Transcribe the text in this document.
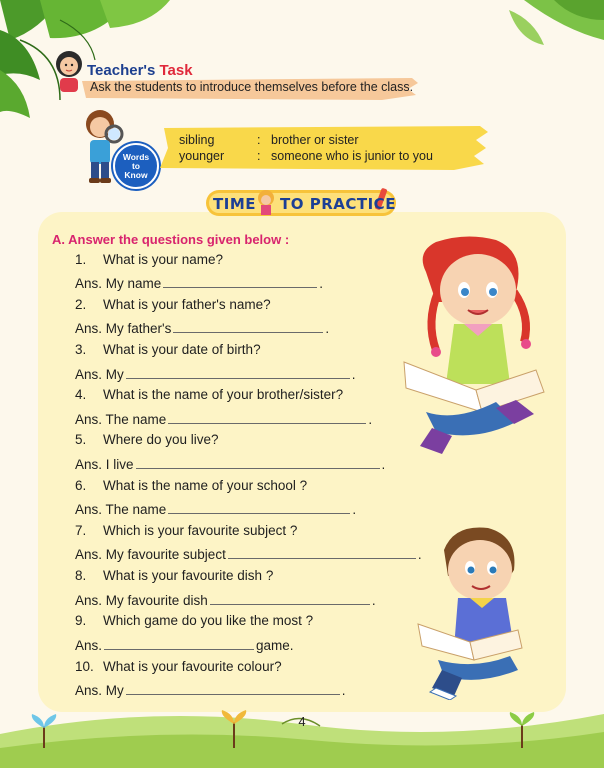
Teacher's Task
Ask the students to introduce themselves before the class.
Words
to
Know
sibling	: brother or sister
younger	: someone who is junior to you
TIME TO PRACTICE
A. Answer the questions given below :
1. What is your name?
Ans. My name	.
2. What is your father's name?
Ans. My father's	.
3. What is your date of birth?
Ans. My	.
4. What is the name of your brother/sister?
Ans. The name	.
5. Where do you live?
Ans. I live	.
6. What is the name of your school ?
Ans. The name	.
7. Which is your favourite subject ?
Ans. My favourite subject	.
8. What is your favourite dish ?
Ans. My favourite dish	.
9. Which game do you like the most ?
Ans.	game.
10. What is your favourite colour?
Ans. My	.
4
